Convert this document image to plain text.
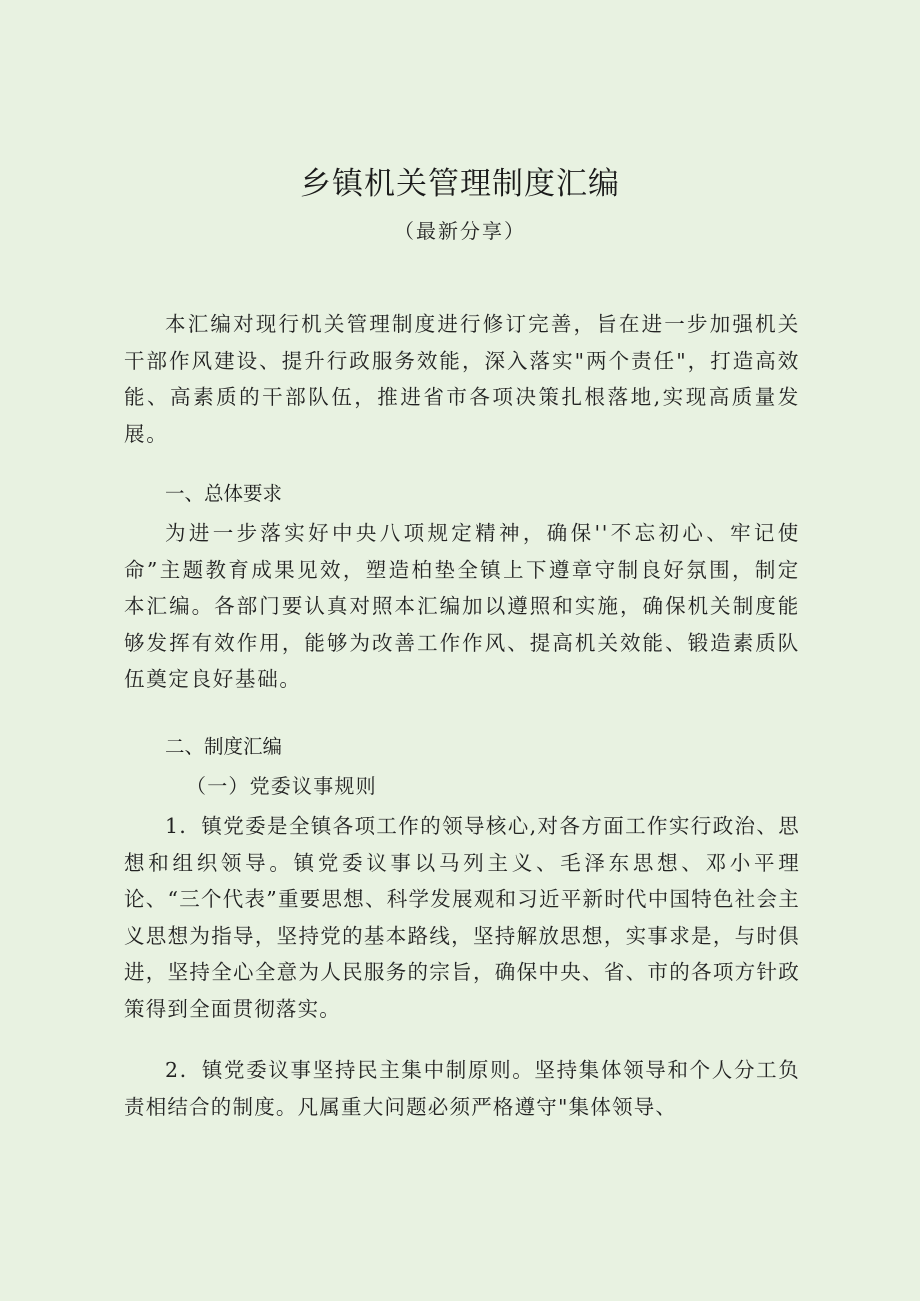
乡镇机关管理制度汇编

（最新分享）

本汇编对现行机关管理制度进行修订完善，旨在进一步加强机关干部作风建设、提升行政服务效能，深入落实"两个责任"，打造高效能、高素质的干部队伍，推进省市各项决策扎根落地,实现高质量发展。

一、总体要求

为进一步落实好中央八项规定精神，确保''不忘初心、牢记使命”主题教育成果见效，塑造柏垫全镇上下遵章守制良好氛围，制定本汇编。各部门要认真对照本汇编加以遵照和实施，确保机关制度能够发挥有效作用，能够为改善工作作风、提高机关效能、锻造素质队伍奠定良好基础。

二、制度汇编

（一）党委议事规则

1．镇党委是全镇各项工作的领导核心,对各方面工作实行政治、思想和组织领导。镇党委议事以马列主义、毛泽东思想、邓小平理论、“三个代表”重要思想、科学发展观和习近平新时代中国特色社会主义思想为指导，坚持党的基本路线，坚持解放思想，实事求是，与时俱进，坚持全心全意为人民服务的宗旨，确保中央、省、市的各项方针政策得到全面贯彻落实。

2．镇党委议事坚持民主集中制原则。坚持集体领导和个人分工负责相结合的制度。凡属重大问题必须严格遵守"集体领导、
